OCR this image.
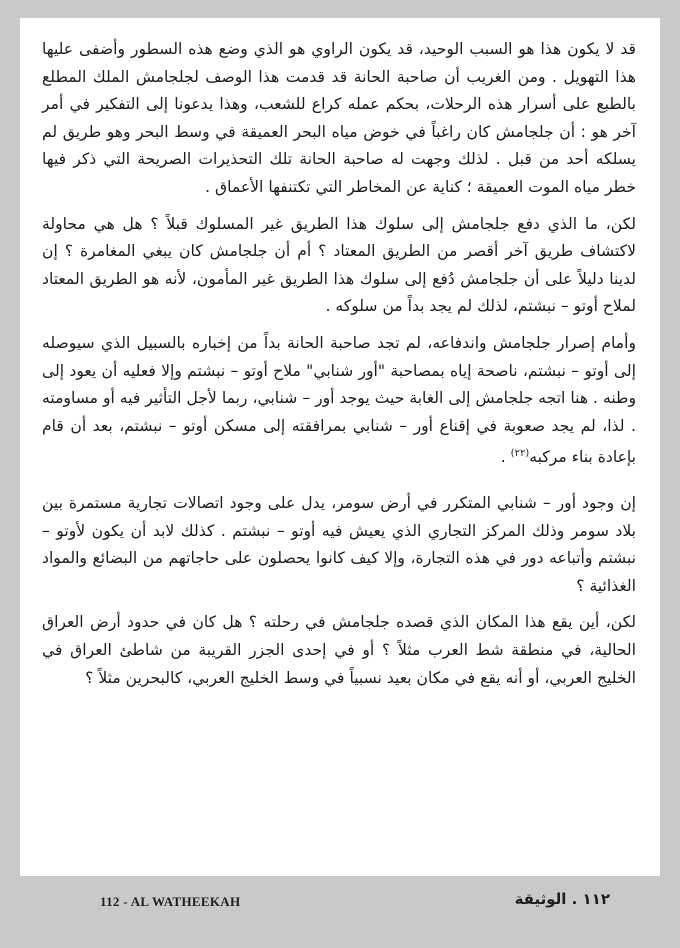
قد لا يكون هذا هو السبب الوحيد، قد يكون الراوي هو الذي وضع هذه السطور وأضفى عليها هذا التهويل . ومن الغريب أن صاحبة الحانة قد قدمت هذا الوصف لجلجامش الملك المطلع بالطبع على أسرار هذه الرحلات، بحكم عمله كراع للشعب، وهذا يدعونا إلى التفكير في أمر آخر هو : أن جلجامش كان راغباً في خوض مياه البحر العميقة في وسط البحر وهو طريق لم يسلكه أحد من قبل . لذلك وجهت له صاحبة الحانة تلك التحذيرات الصريحة التي ذكر فيها خطر مياه الموت العميقة ؛ كناية عن المخاطر التي تكتنفها الأعماق .

لكن، ما الذي دفع جلجامش إلى سلوك هذا الطريق غير المسلوك قبلاً ؟ هل هي محاولة لاكتشاف طريق آخر أقصر من الطريق المعتاد ؟ أم أن جلجامش كان يبغي المغامرة ؟ إن لدينا دليلاً على أن جلجامش دُفع إلى سلوك هذا الطريق غير المأمون، لأنه هو الطريق المعتاد لملاح أوتو – نبشتم، لذلك لم يجد بداً من سلوكه .

وأمام إصرار جلجامش واندفاعه، لم تجد صاحبة الحانة بداً من إخباره بالسبيل الذي سيوصله إلى أوتو – نبشتم، ناصحة إياه بمصاحبة "أور شنابي" ملاح أوتو – نبشتم وإلا فعليه أن يعود إلى وطنه . هنا اتجه جلجامش إلى الغابة حيث يوجد أور – شنابي، ربما لأجل التأثير فيه أو مساومته . لذا، لم يجد صعوبة في إقناع أور – شنابي بمرافقته إلى مسكن أوتو – نبشتم، بعد أن قام بإعادة بناء مركبه$^{(٢٢)}$ .

إن وجود أور – شنابي المتكرر في أرض سومر، يدل على وجود اتصالات تجارية مستمرة بين بلاد سومر وذلك المركز التجاري الذي يعيش فيه أوتو – نبشتم . كذلك لابد أن يكون لأوتو – نبشتم وأتباعه دور في هذه التجارة، وإلا كيف كانوا يحصلون على حاجاتهم من البضائع والمواد الغذائية ؟

لكن، أين يقع هذا المكان الذي قصده جلجامش في رحلته ؟ هل كان في حدود أرض العراق الحالية، في منطقة شط العرب مثلاً ؟ أو في إحدى الجزر القريبة من شاطئ العراق في الخليج العربي، أو أنه يقع في مكان بعيد نسبياً في وسط الخليج العربي، كالبحرين مثلاً ؟

112 - AL WATHEEKAH	١١٢ . الوثيقة
